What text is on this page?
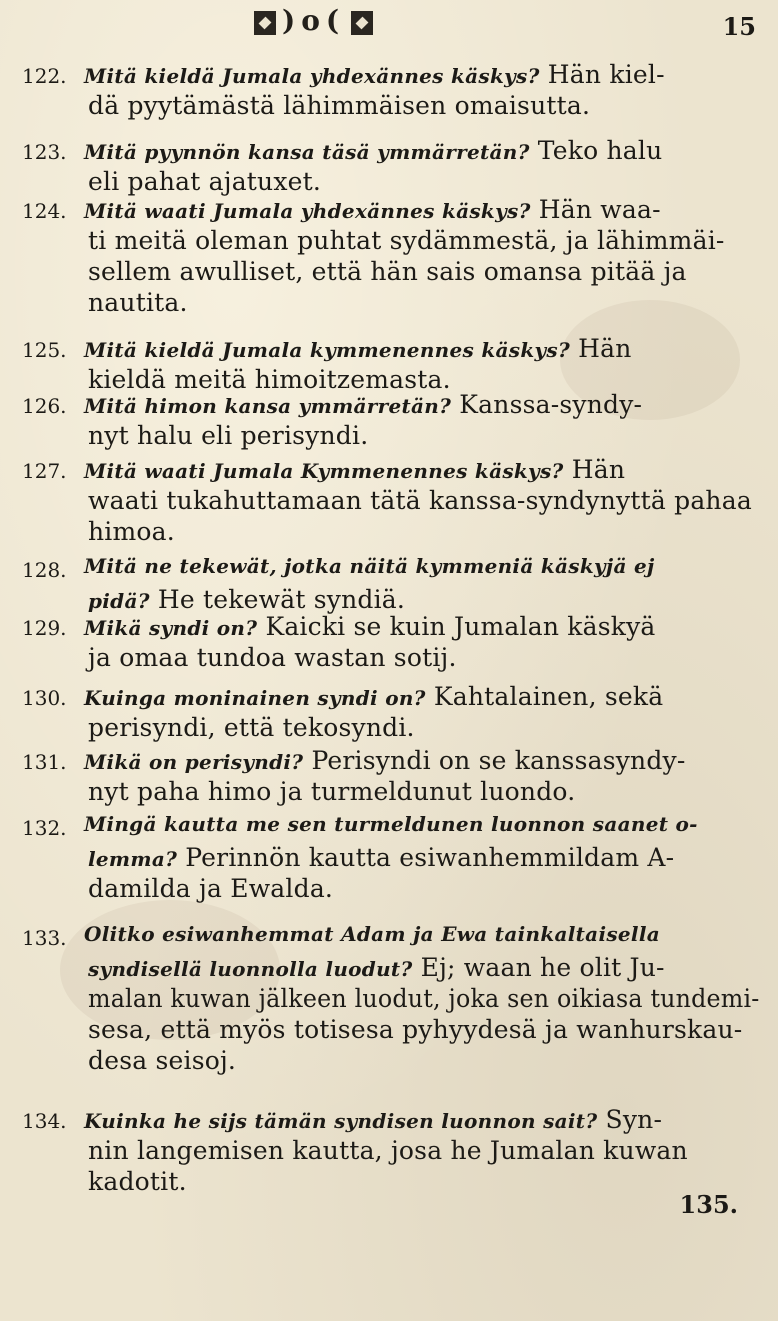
)o(	15
122. Mitä kieldä Jumala yhdexännes käskys? Hän kiel-
dä pyytämästä lähimmäisen omaisutta.
123. Mitä pyynnön kansa täsä ymmärretän? Teko halu
eli pahat ajatuxet.
124. Mitä waati Jumala yhdexännes käskys? Hän waa-
ti meitä oleman puhtat sydämmestä, ja lähimmäi-
sellem awulliset, että hän sais omansa pitää ja
nautita.
125. Mitä kieldä Jumala kymmenennes käskys? Hän
kieldä meitä himoitzemasta.
126. Mitä himon kansa ymmärretän? Kanssa-syndy-
nyt halu eli perisyndi.
127. Mitä waati Jumala Kymmenennes käskys? Hän
waati tukahuttamaan tätä kanssa-syndynyttä pahaa
himoa.
128. Mitä ne tekewät, jotka näitä kymmeniä käskyjä ej
pidä? He tekewät syndiä.
129. Mikä syndi on? Kaicki se kuin Jumalan käskyä
ja omaa tundoa wastan sotij.
130. Kuinga moninainen syndi on? Kahtalainen, sekä
perisyndi, että tekosyndi.
131. Mikä on perisyndi? Perisyndi on se kanssasyndy-
nyt paha himo ja turmeldunut luondo.
132. Mingä kautta me sen turmeldunen luonnon saanet o-
lemma? Perinnön kautta esiwanhemmildam A-
damilda ja Ewalda.
133. Olitko esiwanhemmat Adam ja Ewa tainkaltaisella
syndisellä luonnolla luodut? Ej; waan he olit Ju-
malan kuwan jälkeen luodut, joka sen oikiasa tundemi-
sesa, että myös totisesa pyhyydesä ja wanhurskau-
desa seisoj.
134. Kuinka he sijs tämän syndisen luonnon sait? Syn-
nin langemisen kautta, josa he Jumalan kuwan
kadotit.
135.
